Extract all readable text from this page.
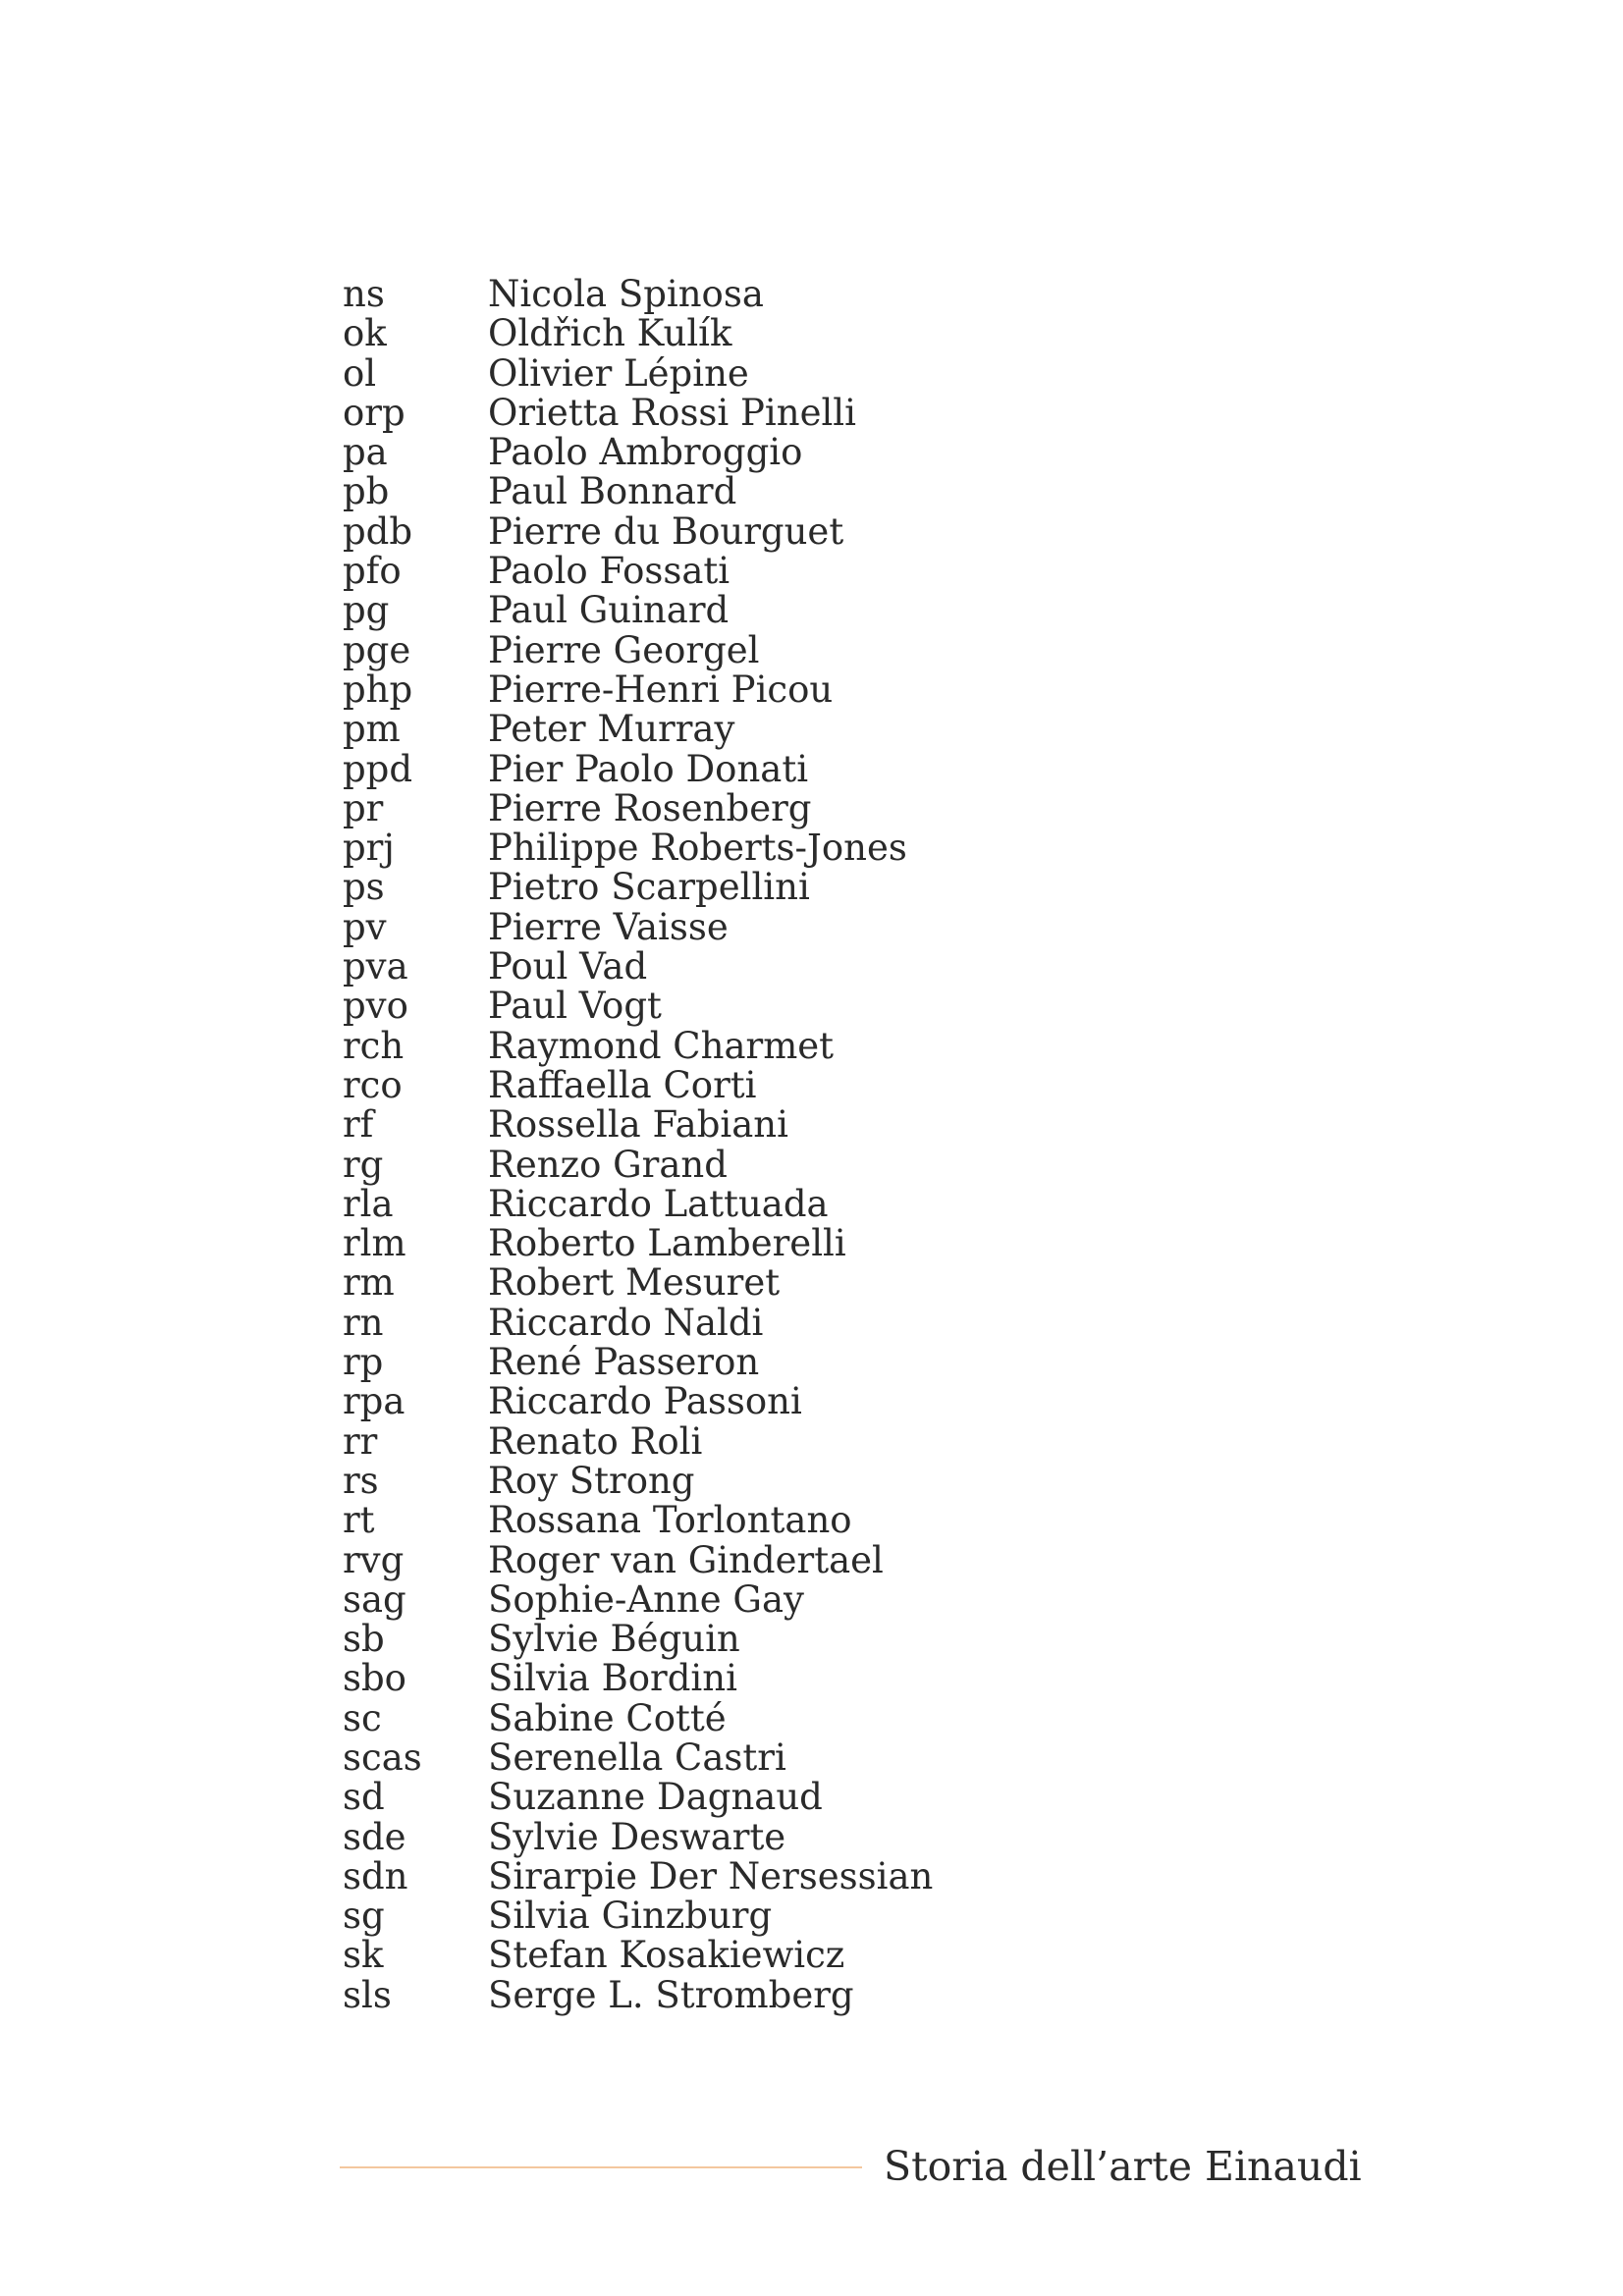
ns	Nicola Spinosa
ok	Oldřich Kulík
ol	Olivier Lépine
orp Orietta Rossi Pinelli
pa	Paolo Ambroggio
pb	Paul Bonnard
pdb Pierre du Bourguet
pfo Paolo Fossati
pg	Paul Guinard
pge Pierre Georgel
php Pierre-Henri Picou
pm Peter Murray
ppd Pier Paolo Donati
pr	Pierre Rosenberg
prj	Philippe Roberts-Jones
ps	Pietro Scarpellini
pv	Pierre Vaisse
pva Poul Vad
pvo Paul Vogt
rch Raymond Charmet
rco Raffaella Corti
rf	Rossella Fabiani
rg	Renzo Grand
rla	Riccardo Lattuada
rlm Roberto Lamberelli
rm	Robert Mesuret
rn	Riccardo Naldi
rp	René Passeron
rpa Riccardo Passoni
rr	Renato Roli
rs	Roy Strong
rt	Rossana Torlontano
rvg Roger van Gindertael
sag Sophie-Anne Gay
sb	Sylvie Béguin
sbo Silvia Bordini
sc	Sabine Cotté
scas Serenella Castri
sd	Suzanne Dagnaud
sde Sylvie Deswarte
sdn Sirarpie Der Nersessian
sg	Silvia Ginzburg
sk	Stefan Kosakiewicz
sls	Serge L. Stromberg
Storia dell’arte Einaudi
